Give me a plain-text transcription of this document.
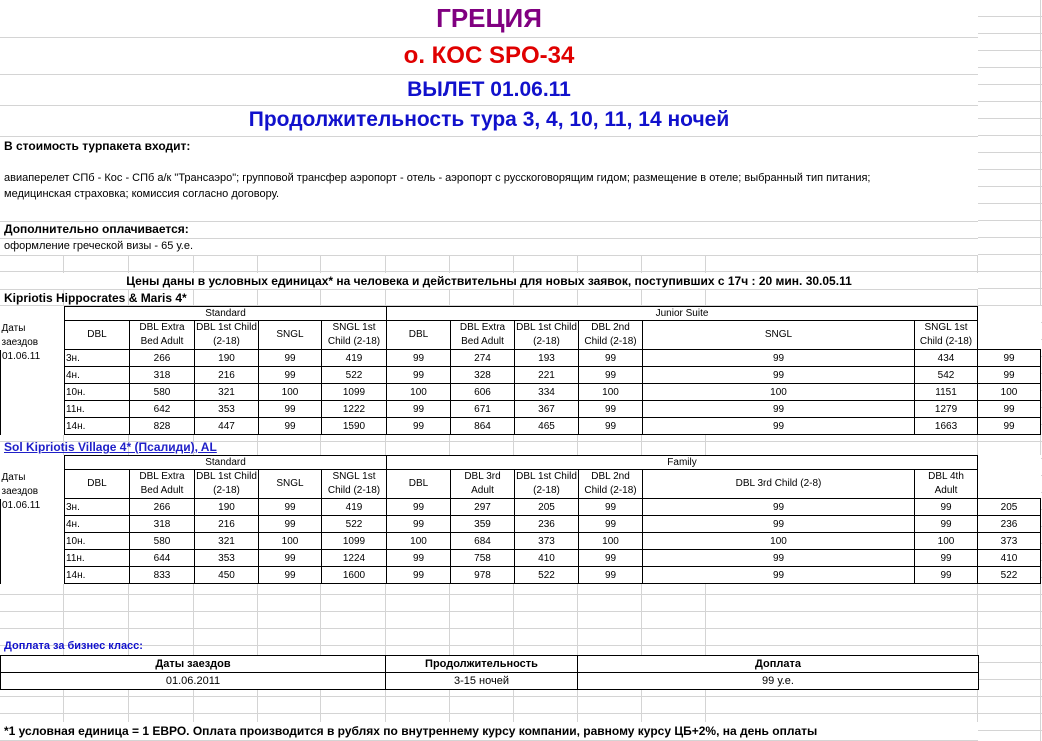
ГРЕЦИЯ
о. КОС SPO-34
ВЫЛЕТ 01.06.11
Продолжительность тура 3, 4, 10, 11, 14 ночей
В стоимость турпакета входит:
авиаперелет СПб - Кос - СПб а/к "Трансаэро"; групповой трансфер аэропорт - отель - аэропорт с русскоговорящим гидом; размещение в отеле; выбранный тип питания;
медицинская страховка; комиссия согласно договору.
Дополнительно оплачивается:
оформление греческой визы - 65 у.е.
Цены даны в условных единицах* на человека и действительны для новых заявок, поступивших с 17ч : 20 мин. 30.05.11
Kipriotis Hippocrates & Maris 4*
	Standard					Junior Suite						
Даты заездов	DBL	DBL Extra Bed Adult	DBL 1st Child (2-18)	SNGL	SNGL 1st Child (2-18)	DBL	DBL Extra Bed Adult	DBL 1st Child (2-18)	DBL 2nd Child (2-18)	SNGL	SNGL 1st Child (2-18)	
01.06.11	3н.	266	190	99	419	99	274	193	99	99	434	99
	4н.	318	216	99	522	99	328	221	99	99	542	99
	10н.	580	321	100	1099	100	606	334	100	100	1151	100
	11н.	642	353	99	1222	99	671	367	99	99	1279	99
	14н.	828	447	99	1590	99	864	465	99	99	1663	99
Sol Kipriotis Village 4* (Псалиди), AL
	Standard					Family						
Даты заездов	DBL	DBL Extra Bed Adult	DBL 1st Child (2-18)	SNGL	SNGL 1st Child (2-18)	DBL	DBL 3rd Adult	DBL 1st Child (2-18)	DBL 2nd Child (2-18)	DBL 3rd Child (2-8)	DBL 4th Adult	
01.06.11	3н.	266	190	99	419	99	297	205	99	99	99	205
	4н.	318	216	99	522	99	359	236	99	99	99	236
	10н.	580	321	100	1099	100	684	373	100	100	100	373
	11н.	644	353	99	1224	99	758	410	99	99	99	410
	14н.	833	450	99	1600	99	978	522	99	99	99	522
Доплата за бизнес класс:
Даты заездов	Продолжительность	Доплата
01.06.2011	3-15 ночей	99 у.е.
*1 условная единица = 1 ЕВРО. Оплата производится в рублях по внутреннему курсу компании, равному курсу ЦБ+2%, на день оплаты
